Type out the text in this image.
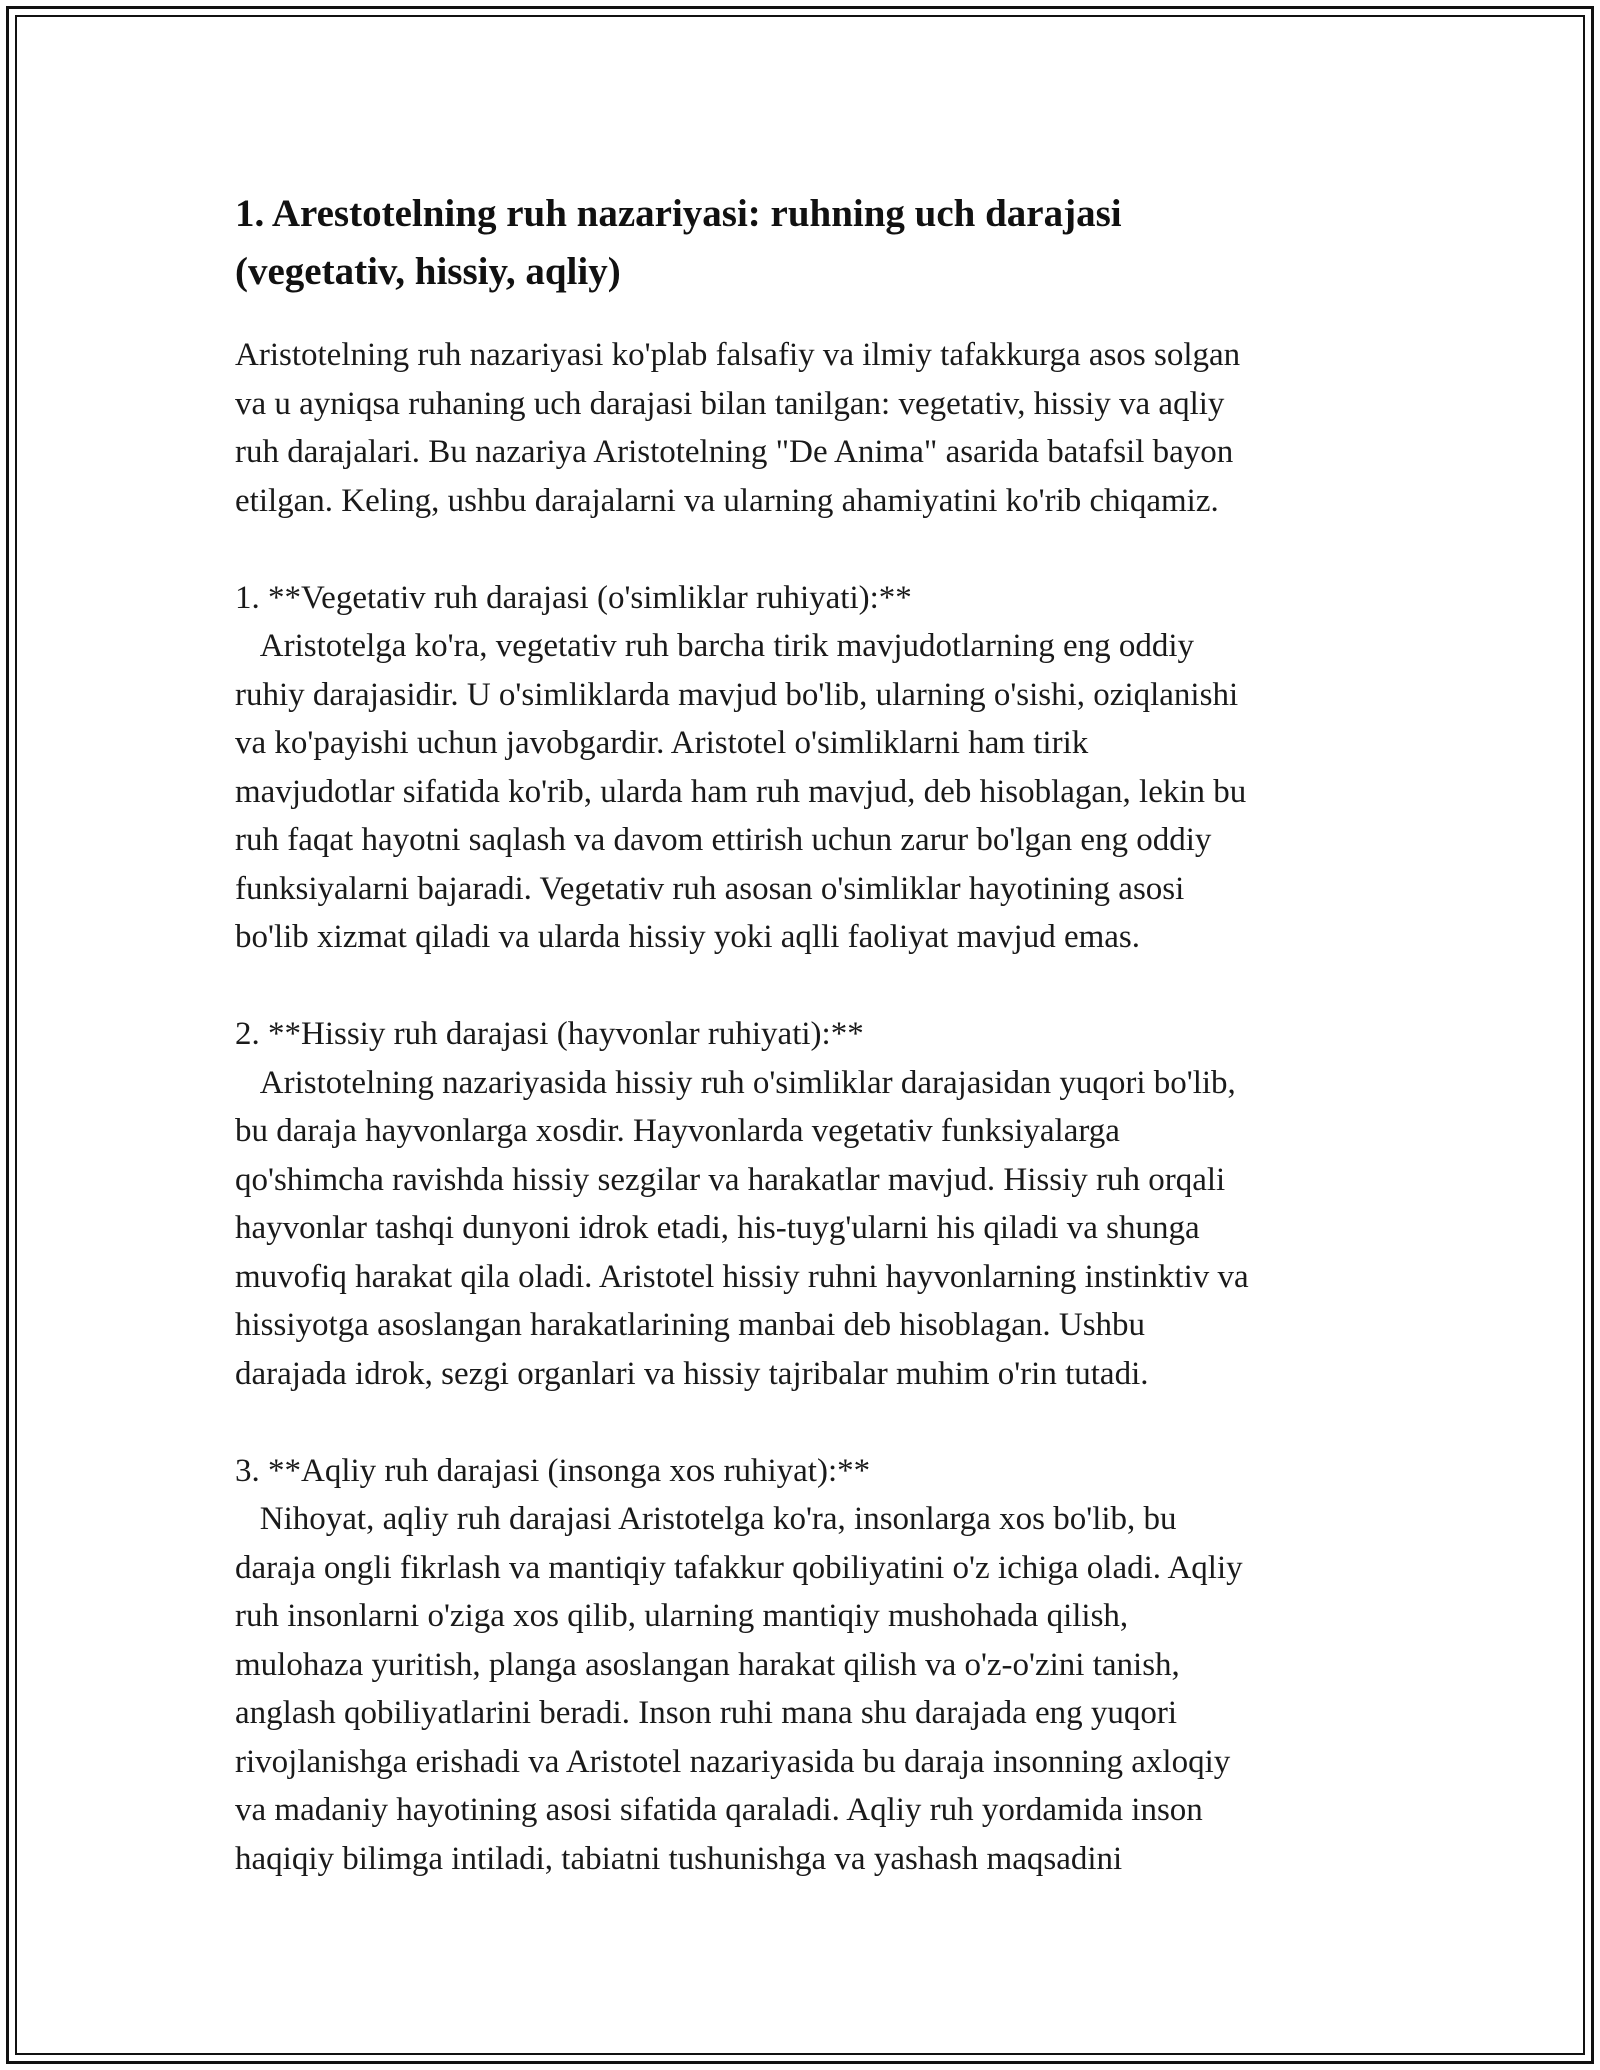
1. Arestotelning ruh nazariyasi: ruhning uch darajasi
(vegetativ, hissiy, aqliy)

Aristotelning ruh nazariyasi ko'plab falsafiy va ilmiy tafakkurga asos solgan
va u ayniqsa ruhaning uch darajasi bilan tanilgan: vegetativ, hissiy va aqliy
ruh darajalari. Bu nazariya Aristotelning "De Anima" asarida batafsil bayon
etilgan. Keling, ushbu darajalarni va ularning ahamiyatini ko'rib chiqamiz.

1. **Vegetativ ruh darajasi (o'simliklar ruhiyati):**

Aristotelga ko'ra, vegetativ ruh barcha tirik mavjudotlarning eng oddiy
ruhiy darajasidir. U o'simliklarda mavjud bo'lib, ularning o'sishi, oziqlanishi
va ko'payishi uchun javobgardir. Aristotel o'simliklarni ham tirik
mavjudotlar sifatida ko'rib, ularda ham ruh mavjud, deb hisoblagan, lekin bu
ruh faqat hayotni saqlash va davom ettirish uchun zarur bo'lgan eng oddiy
funksiyalarni bajaradi. Vegetativ ruh asosan o'simliklar hayotining asosi
bo'lib xizmat qiladi va ularda hissiy yoki aqlli faoliyat mavjud emas.

2. **Hissiy ruh darajasi (hayvonlar ruhiyati):**

Aristotelning nazariyasida hissiy ruh o'simliklar darajasidan yuqori bo'lib,
bu daraja hayvonlarga xosdir. Hayvonlarda vegetativ funksiyalarga
qo'shimcha ravishda hissiy sezgilar va harakatlar mavjud. Hissiy ruh orqali
hayvonlar tashqi dunyoni idrok etadi, his-tuyg'ularni his qiladi va shunga
muvofiq harakat qila oladi. Aristotel hissiy ruhni hayvonlarning instinktiv va
hissiyotga asoslangan harakatlarining manbai deb hisoblagan. Ushbu
darajada idrok, sezgi organlari va hissiy tajribalar muhim o'rin tutadi.

3. **Aqliy ruh darajasi (insonga xos ruhiyat):**

Nihoyat, aqliy ruh darajasi Aristotelga ko'ra, insonlarga xos bo'lib, bu
daraja ongli fikrlash va mantiqiy tafakkur qobiliyatini o'z ichiga oladi. Aqliy
ruh insonlarni o'ziga xos qilib, ularning mantiqiy mushohada qilish,
mulohaza yuritish, planga asoslangan harakat qilish va o'z-o'zini tanish,
anglash qobiliyatlarini beradi. Inson ruhi mana shu darajada eng yuqori
rivojlanishga erishadi va Aristotel nazariyasida bu daraja insonning axloqiy
va madaniy hayotining asosi sifatida qaraladi. Aqliy ruh yordamida inson
haqiqiy bilimga intiladi, tabiatni tushunishga va yashash maqsadini
